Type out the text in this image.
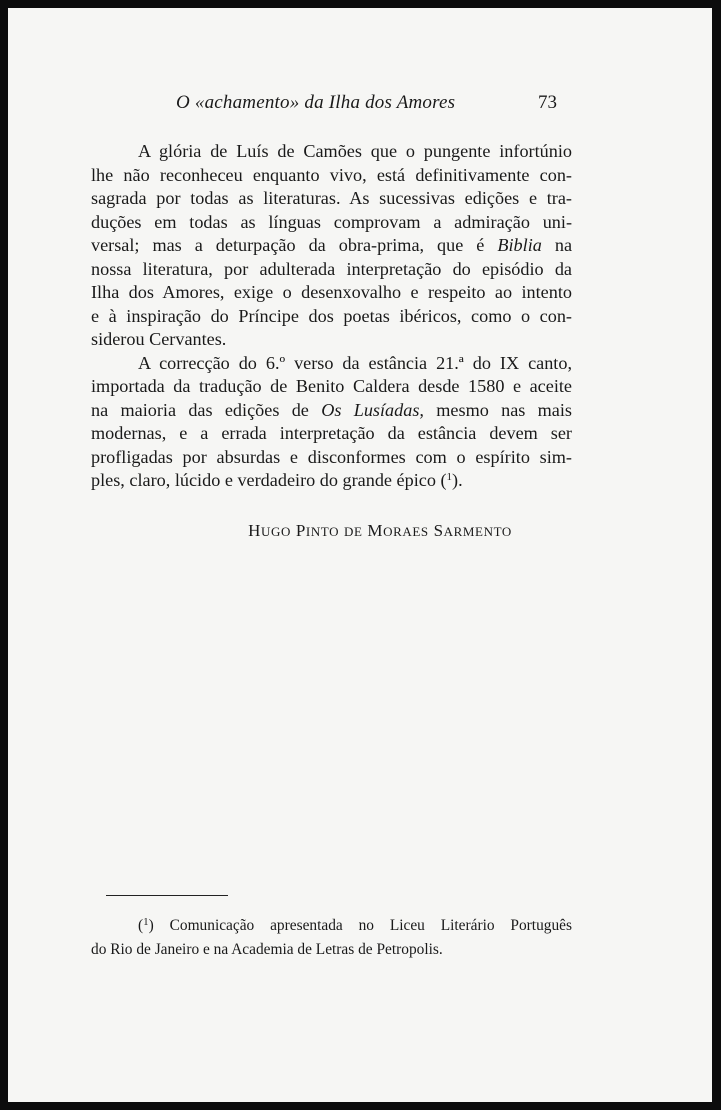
O «achamento» da Ilha dos Amores	73
A glória de Luís de Camões que o pungente infortúnio
lhe não reconheceu enquanto vivo, está definitivamente con-
sagrada por todas as literaturas. As sucessivas edições e tra-
duções em todas as línguas comprovam a admiração uni-
versal; mas a deturpação da obra-prima, que é Biblia na
nossa literatura, por adulterada interpretação do episódio da
Ilha dos Amores, exige o desenxovalho e respeito ao intento
e à inspiração do Príncipe dos poetas ibéricos, como o con-
siderou Cervantes.
A correcção do 6.º verso da estância 21.ª do IX canto,
importada da tradução de Benito Caldera desde 1580 e aceite
na maioria das edições de Os Lusíadas, mesmo nas mais
modernas, e a errada interpretação da estância devem ser
profligadas por absurdas e disconformes com o espírito sim-
ples, claro, lúcido e verdadeiro do grande épico ($^1$).
HUGO PINTO DE MORAES SARMENTO
($^1$) Comunicação apresentada no Liceu Literário Português
do Rio de Janeiro e na Academia de Letras de Petropolis.
